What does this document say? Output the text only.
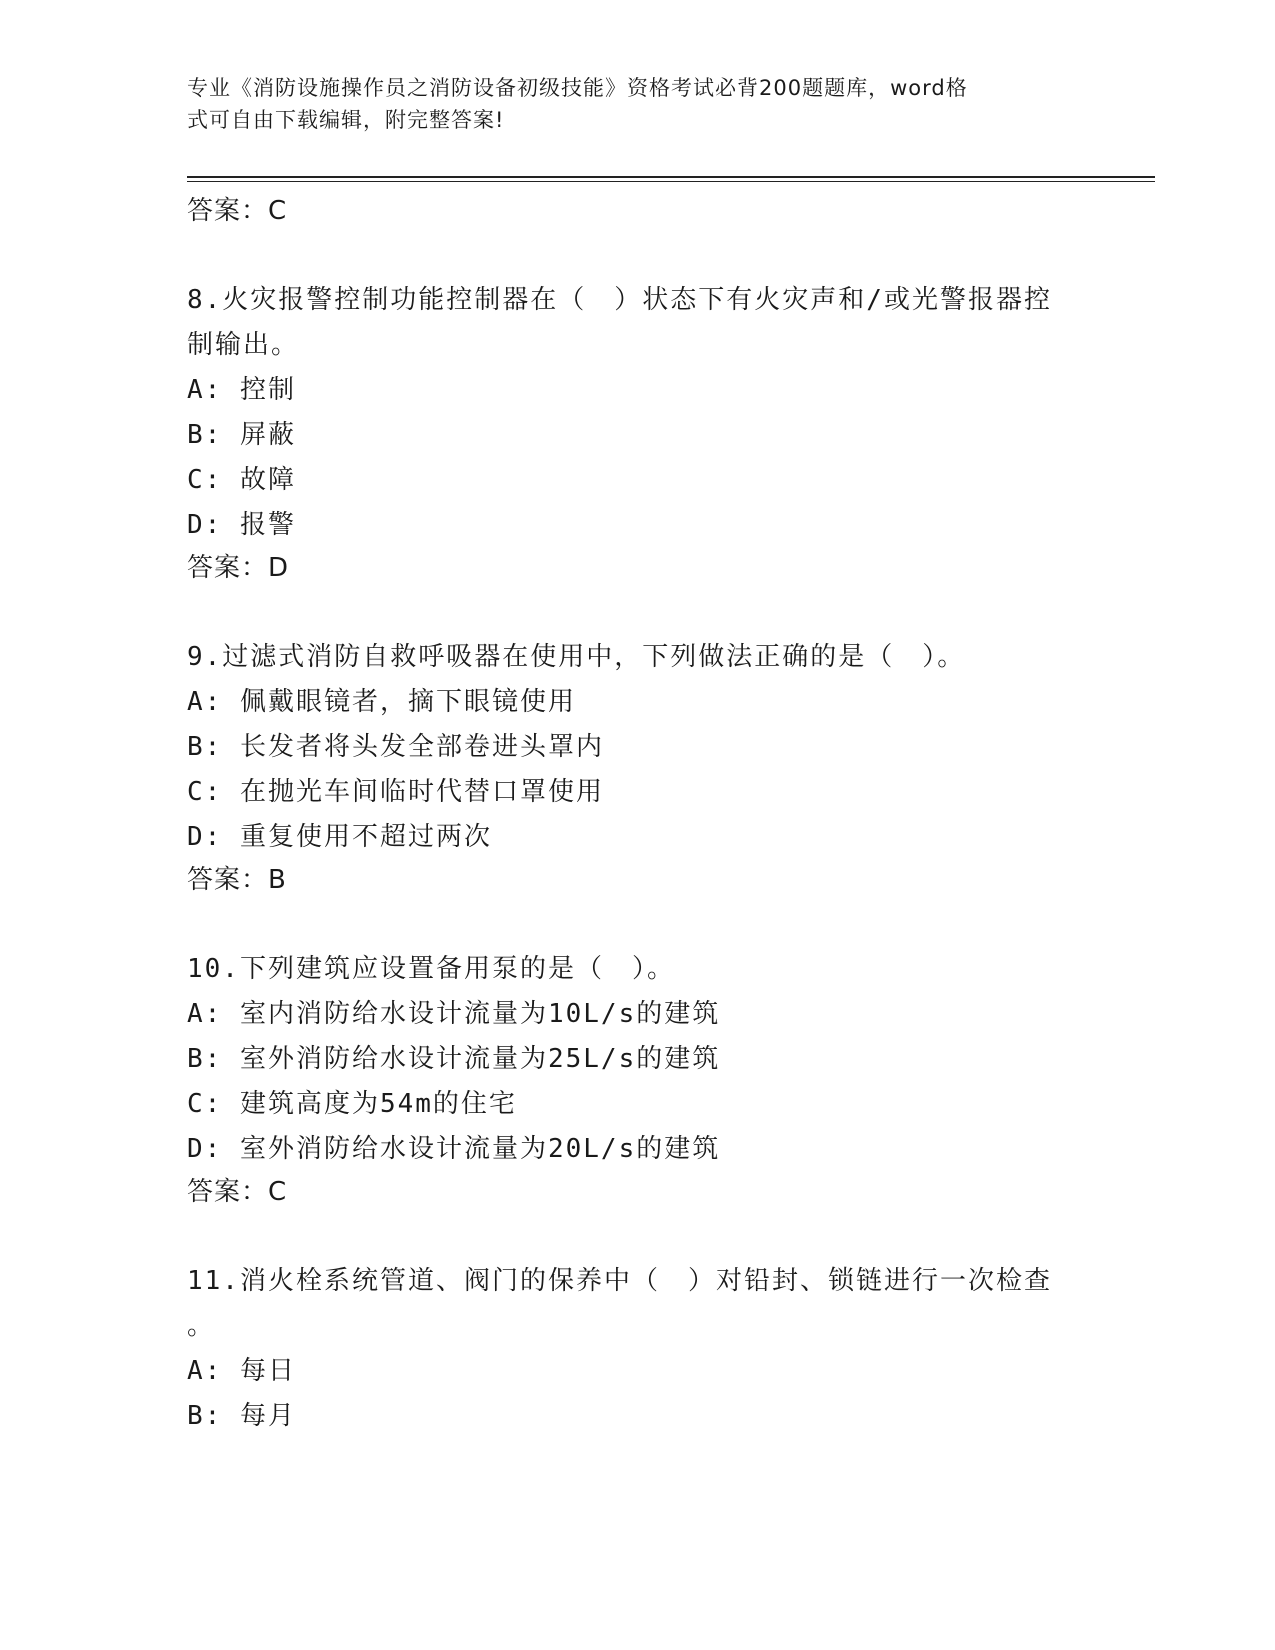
专业《消防设施操作员之消防设备初级技能》资格考试必背200题题库，word格
式可自由下载编辑，附完整答案!
答案：C
8.火灾报警控制功能控制器在（　）状态下有火灾声和/或光警报器控
制输出。
A: 控制
B: 屏蔽
C: 故障
D: 报警
答案：D
9.过滤式消防自救呼吸器在使用中，下列做法正确的是（　）。
A: 佩戴眼镜者，摘下眼镜使用
B: 长发者将头发全部卷进头罩内
C: 在抛光车间临时代替口罩使用
D: 重复使用不超过两次
答案：B
10.下列建筑应设置备用泵的是（　）。
A: 室内消防给水设计流量为10L/s的建筑
B: 室外消防给水设计流量为25L/s的建筑
C: 建筑高度为54m的住宅
D: 室外消防给水设计流量为20L/s的建筑
答案：C
11.消火栓系统管道、阀门的保养中（　）对铅封、锁链进行一次检查
。
A: 每日
B: 每月
